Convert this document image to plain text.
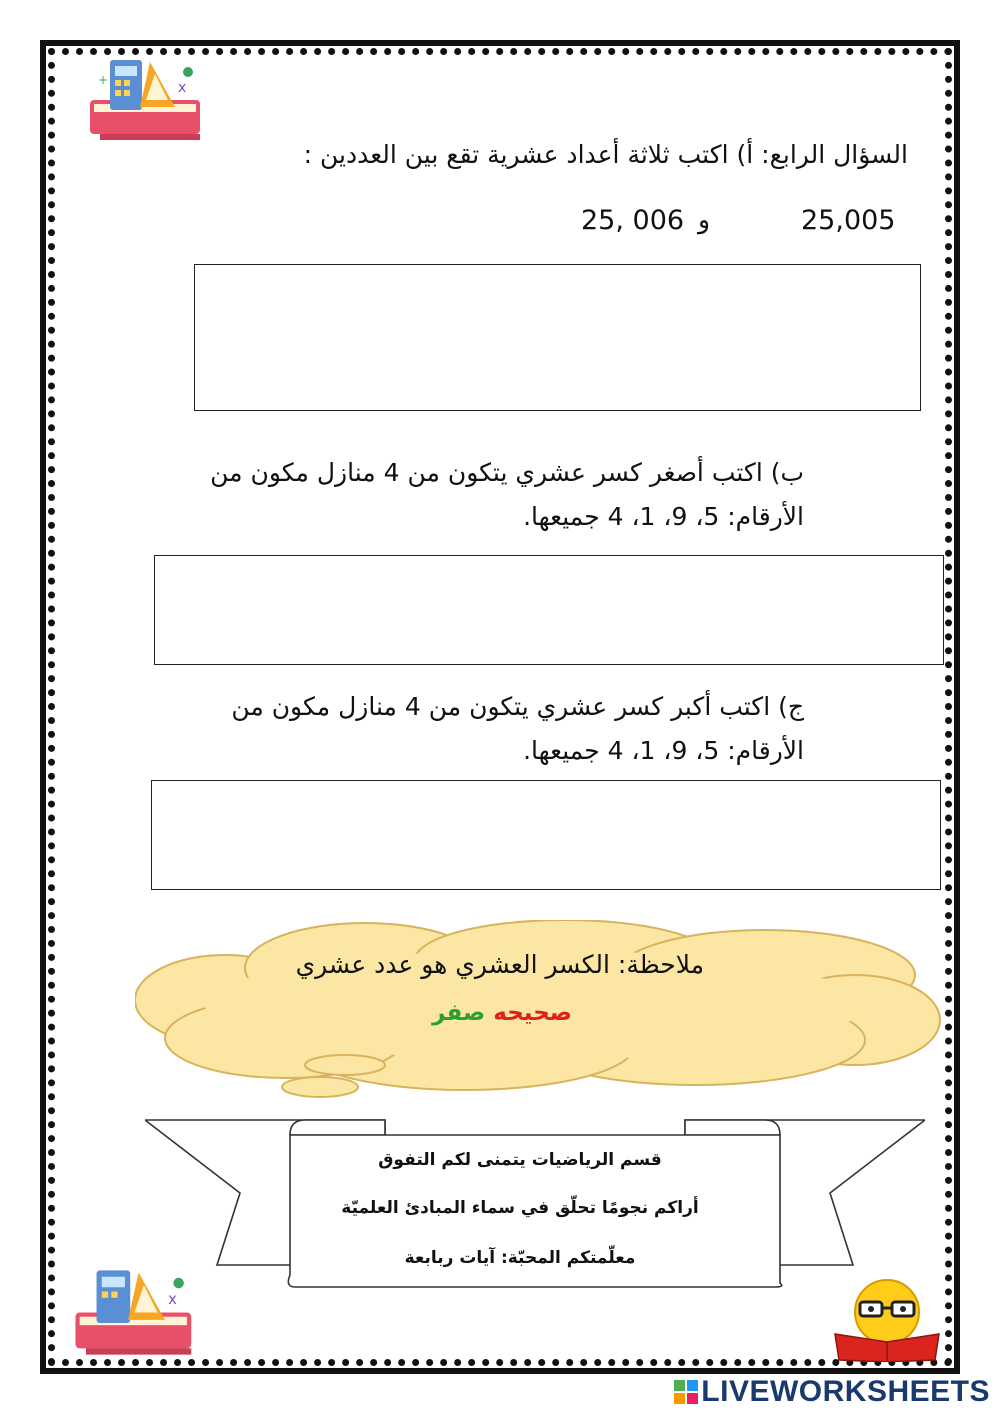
x
+
السؤال الرابع: أ) اكتب ثلاثة أعداد عشرية تقع بين العددين :
25,005
و
25, 006
ب) اكتب أصغر كسر عشري يتكون من 4 منازل مكون من
الأرقام: 5، 9، 1، 4 جميعها.
ج) اكتب أكبر كسر عشري يتكون من 4 منازل مكون من
الأرقام: 5، 9، 1، 4 جميعها.
ملاحظة: الكسر العشري هو عدد عشري
صحيحه صفر
قسم الرياضيات يتمنى لكم التفوق
أراكم نجومًا تحلّق في سماء المبادئ العلميّة
معلّمتكم المحبّة: آيات ربابعة
x
LIVEWORKSHEETS
